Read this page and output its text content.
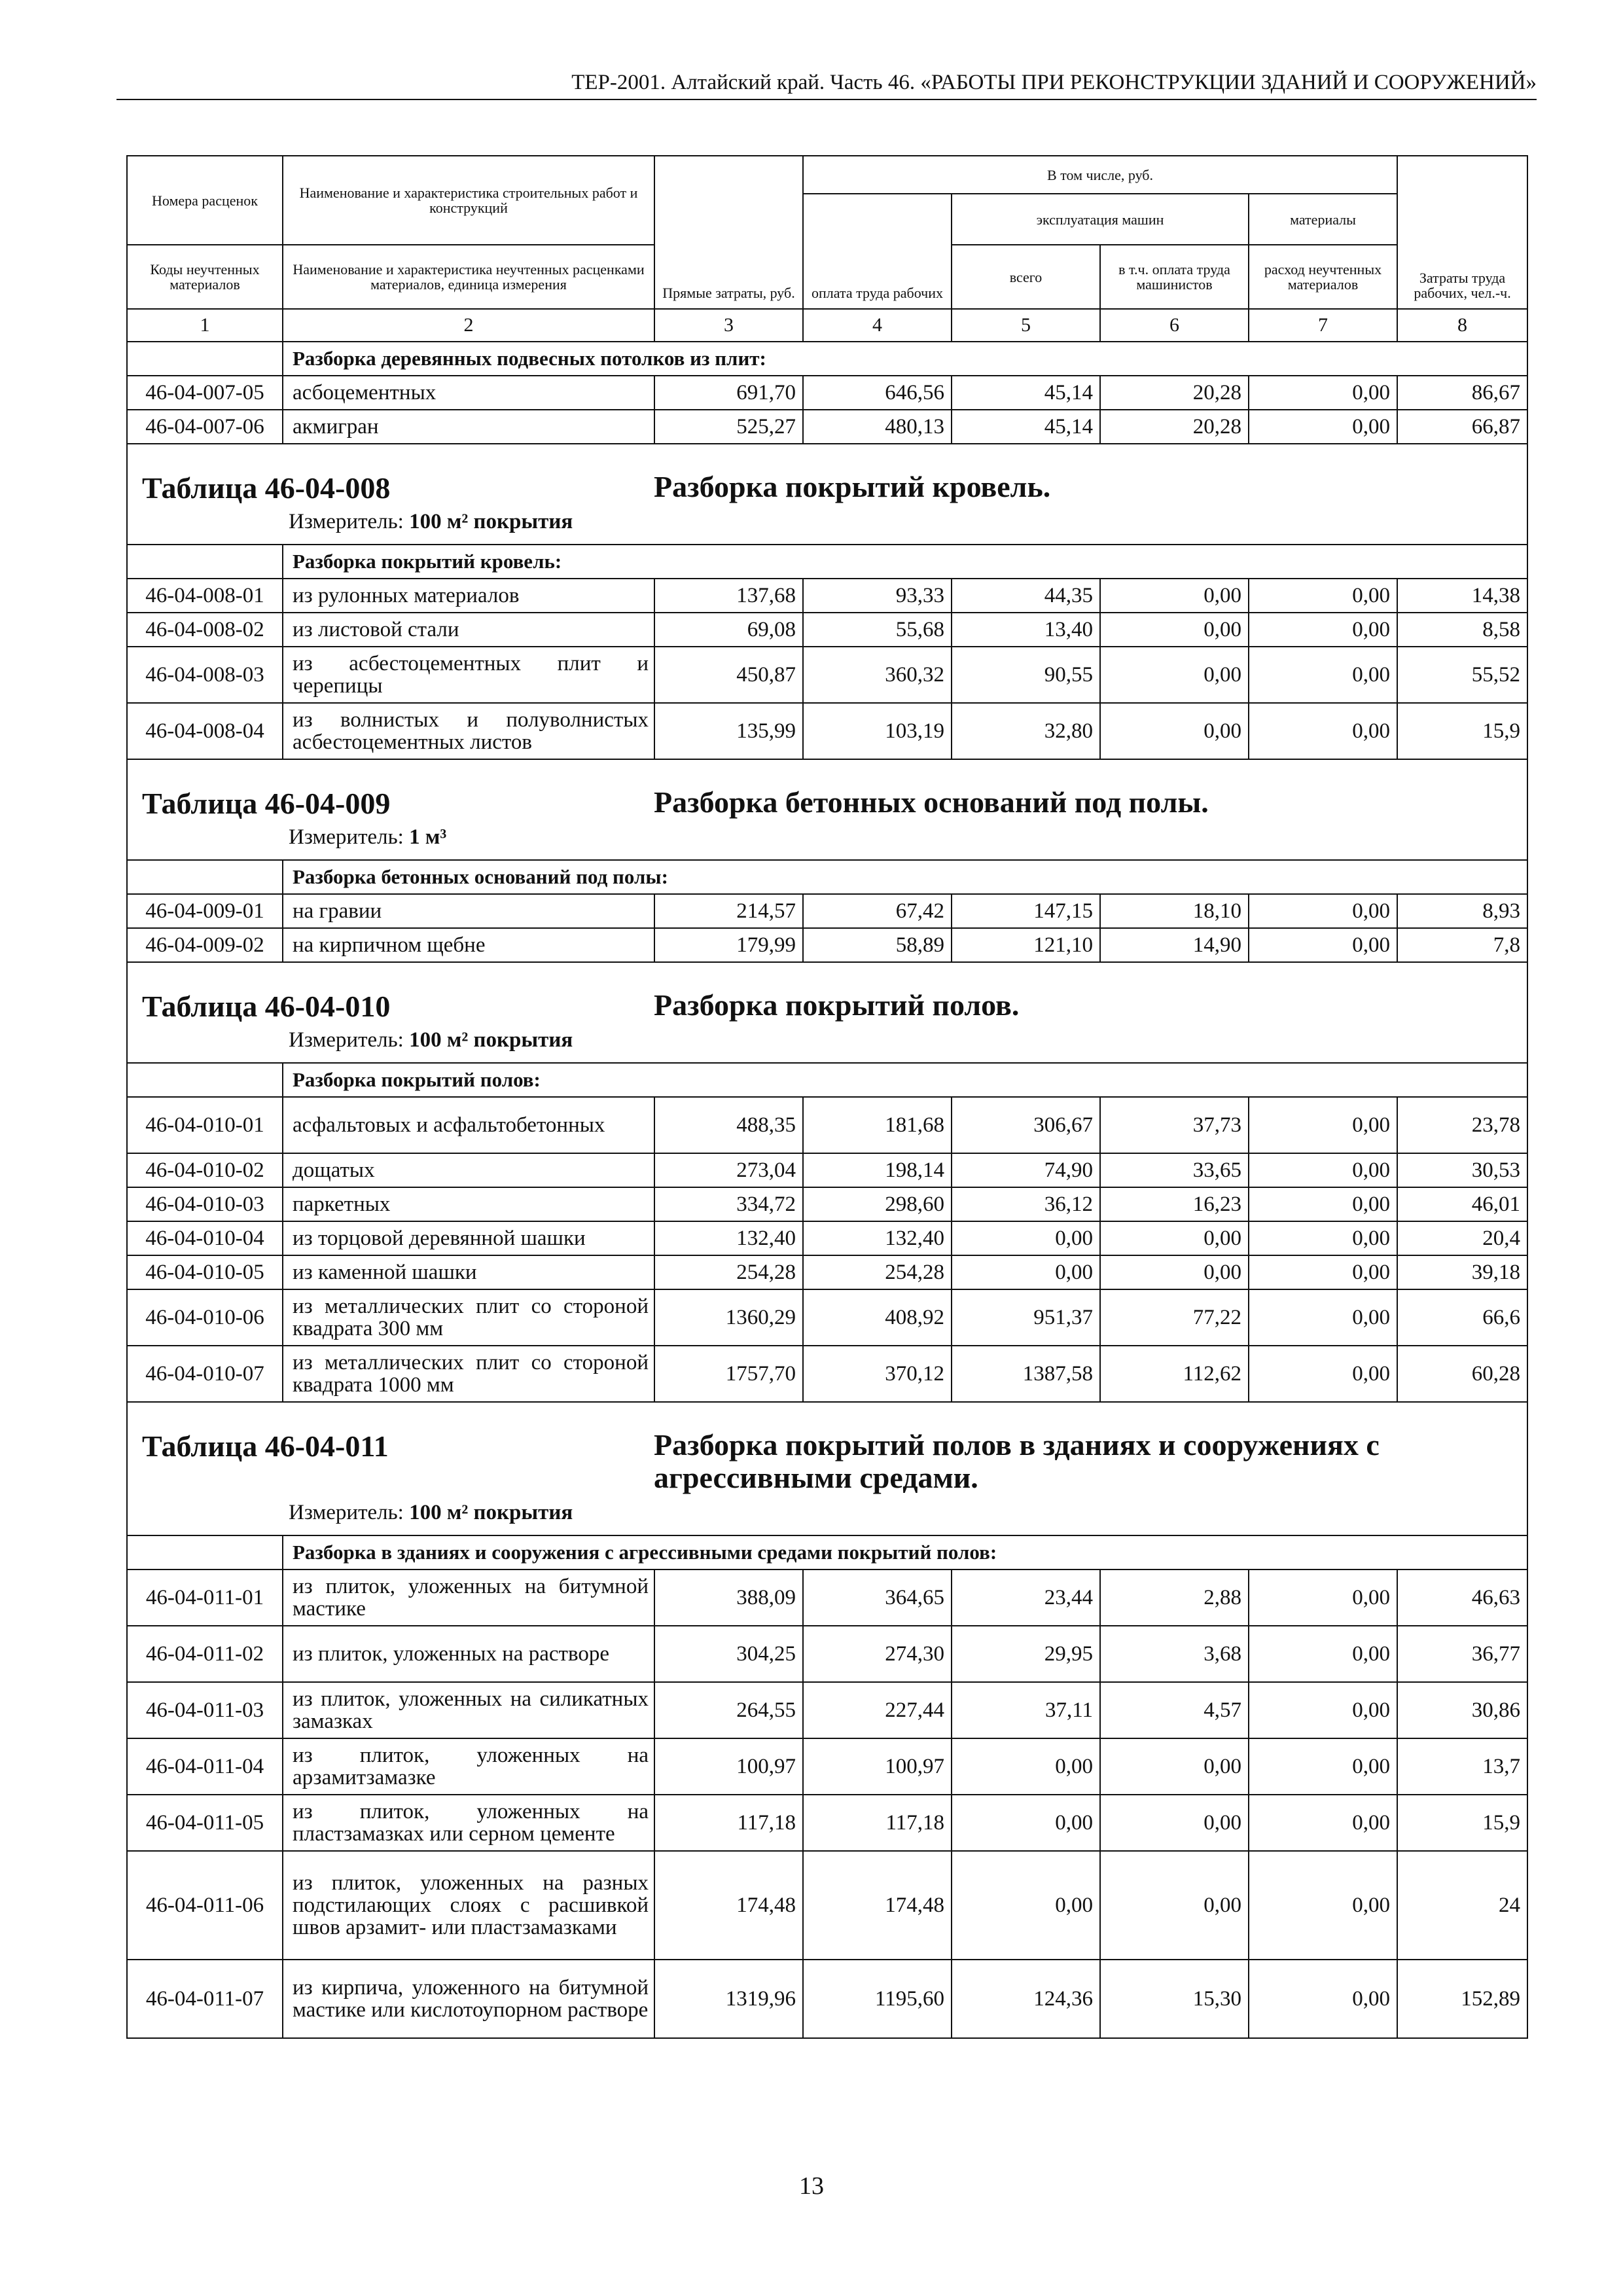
ТЕР-2001. Алтайский край. Часть 46. «РАБОТЫ ПРИ РЕКОНСТРУКЦИИ ЗДАНИЙ И СООРУЖЕНИЙ»
Номера расценок	Наименование и характеристика строительных работ и конструкций	Прямые затраты, руб.	В том числе, руб.				Затраты труда рабочих, чел.-ч.
			оплата труда рабочих	эксплуатация машин		материалы	
Коды неучтенных материалов	Наименование и характеристика неучтенных расценками материалов, единица измерения			всего	в т.ч. оплата труда машинистов	расход неучтенных материалов	
1	2	3	4	5	6	7	8
	Разборка деревянных подвесных потолков из плит:						
46-04-007-05	асбоцементных	691,70	646,56	45,14	20,28	0,00	86,67
46-04-007-06	акмигран	525,27	480,13	45,14	20,28	0,00	66,87

Таблица 46-04-008 Разборка покрытий кровель.
Измеритель: 100 м² покрытия							

	Разборка покрытий кровель:						
46-04-008-01	из рулонных материалов	137,68	93,33	44,35	0,00	0,00	14,38
46-04-008-02	из листовой стали	69,08	55,68	13,40	0,00	0,00	8,58
46-04-008-03	из асбестоцементных плит и черепицы	450,87	360,32	90,55	0,00	0,00	55,52
46-04-008-04	из волнистых и полуволнистых асбестоцементных листов	135,99	103,19	32,80	0,00	0,00	15,9

Таблица 46-04-009 Разборка бетонных оснований под полы.
Измеритель: 1 м³							

	Разборка бетонных оснований под полы:						
46-04-009-01	на гравии	214,57	67,42	147,15	18,10	0,00	8,93
46-04-009-02	на кирпичном щебне	179,99	58,89	121,10	14,90	0,00	7,8

Таблица 46-04-010 Разборка покрытий полов.
Измеритель: 100 м² покрытия							

	Разборка покрытий полов:						
46-04-010-01	асфальтовых и асфальтобетонных	488,35	181,68	306,67	37,73	0,00	23,78
46-04-010-02	дощатых	273,04	198,14	74,90	33,65	0,00	30,53
46-04-010-03	паркетных	334,72	298,60	36,12	16,23	0,00	46,01
46-04-010-04	из торцовой деревянной шашки	132,40	132,40	0,00	0,00	0,00	20,4
46-04-010-05	из каменной шашки	254,28	254,28	0,00	0,00	0,00	39,18
46-04-010-06	из металлических плит со стороной квадрата 300 мм	1360,29	408,92	951,37	77,22	0,00	66,6
46-04-010-07	из металлических плит со стороной квадрата 1000 мм	1757,70	370,12	1387,58	112,62	0,00	60,28

Таблица 46-04-011 Разборка покрытий полов в зданиях и сооружениях с агрессивными средами.
Измеритель: 100 м² покрытия							

	Разборка в зданиях и сооружения с агрессивными средами покрытий полов:						
46-04-011-01	из плиток, уложенных на битумной мастике	388,09	364,65	23,44	2,88	0,00	46,63
46-04-011-02	из плиток, уложенных на растворе	304,25	274,30	29,95	3,68	0,00	36,77
46-04-011-03	из плиток, уложенных на силикатных замазках	264,55	227,44	37,11	4,57	0,00	30,86
46-04-011-04	из плиток, уложенных на арзамитзамазке	100,97	100,97	0,00	0,00	0,00	13,7
46-04-011-05	из плиток, уложенных на пластзамазках или серном цементе	117,18	117,18	0,00	0,00	0,00	15,9
46-04-011-06	из плиток, уложенных на разных подстилающих слоях с расшивкой швов арзамит- или пластзамазками	174,48	174,48	0,00	0,00	0,00	24
46-04-011-07	из кирпича, уложенного на битумной мастике или кислотоупорном растворе	1319,96	1195,60	124,36	15,30	0,00	152,89
13
